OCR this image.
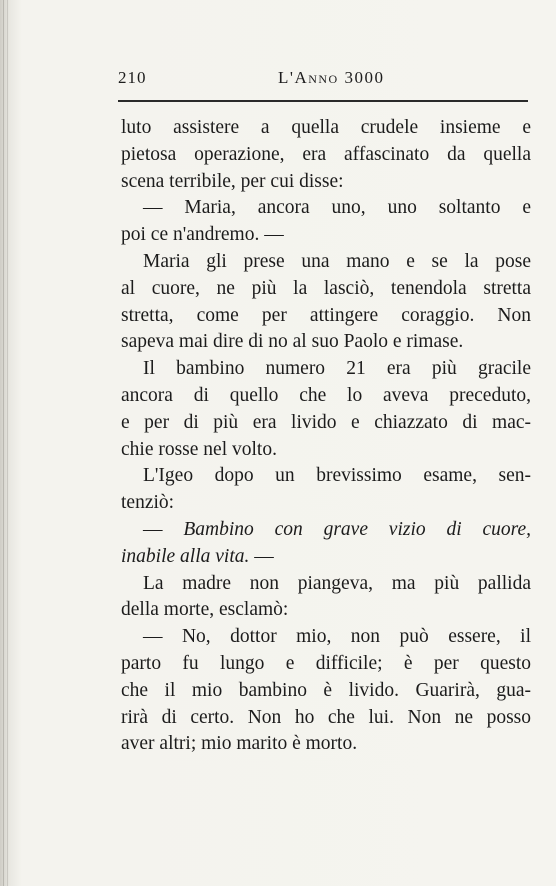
210	L'Anno 3000
luto assistere a quella crudele insieme e
pietosa operazione, era affascinato da quella
scena terribile, per cui disse:
— Maria, ancora uno, uno soltanto e
poi ce n'andremo. —
Maria gli prese una mano e se la pose
al cuore, ne più la lasciò, tenendola stretta
stretta, come per attingere coraggio. Non
sapeva mai dire di no al suo Paolo e rimase.
Il bambino numero 21 era più gracile
ancora di quello che lo aveva preceduto,
e per di più era livido e chiazzato di mac-
chie rosse nel volto.
L'Igeo dopo un brevissimo esame, sen-
tenziò:
— Bambino con grave vizio di cuore,
inabile alla vita. —
La madre non piangeva, ma più pallida
della morte, esclamò:
— No, dottor mio, non può essere, il
parto fu lungo e difficile; è per questo
che il mio bambino è livido. Guarirà, gua-
rirà di certo. Non ho che lui. Non ne posso
aver altri; mio marito è morto.
